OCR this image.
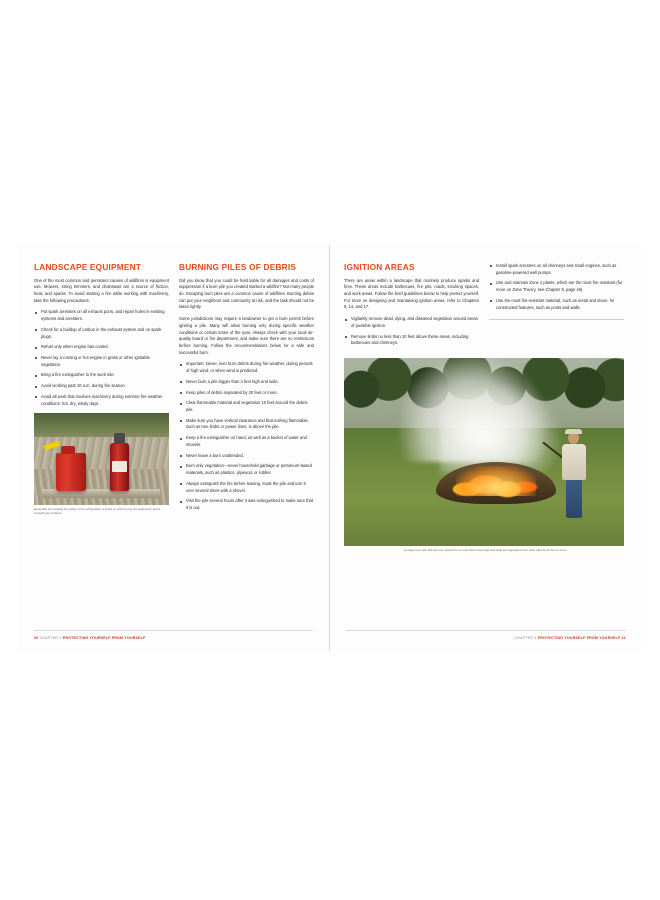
LANDSCAPE EQUIPMENT

One of the most common and persistent causes of wildfires is equipment use. Mowers, string trimmers, and chainsaws are a source of friction, heat, and sparks. To avoid starting a fire while working with machinery, take the following precautions:

Put spark arresters on all exhaust ports, and repair holes in existing systems and arresters.
Check for a buildup of carbon in the exhaust system and on spark plugs.
Refuel only when engine has cooled.
Never lay a running or hot engine in grass or other ignitable vegetation.
Bring a fire extinguisher to the work site.
Avoid working past 10 a.m. during fire season.
Avoid all work that involves machinery during extreme fire weather conditions: hot, dry, windy days.
Essentials for ensuring fire safety: a fire extinguisher, a board on which to lay hot equipment, and a nonspill gas container
BURNING PILES OF DEBRIS

Did you know that you could be held liable for all damages and costs of suppression if a burn pile you created started a wildfire? Not many people do. Escaping burn piles are a common cause of wildfires. Burning debris can put your neighbors and community at risk, and the task should not be taken lightly.

Some jurisdictions may require a landowner to get a burn permit before igniting a pile. Many will allow burning only during specific weather conditions or certain times of the year. Always check with your local air-quality board or fire department, and make sure there are no restrictions before burning. Follow the recommendations below for a safe and successful burn.

Important: Never, ever burn debris during fire weather, during periods of high wind, or when wind is predicted.
Never burn a pile bigger than 4 feet high and wide.
Keep piles of debris separated by 20 feet or more.
Clear flammable material and vegetation 10 feet around the debris pile.
Make sure you have vertical clearance and that nothing flammable, such as tree limbs or power lines, is above the pile.
Keep a fire extinguisher on hand, as well as a bucket of water and shovels.
Never leave a burn unattended.
Burn only vegetation—never household garbage or petroleum-based materials, such as plastics, plywood, or rubber.
Always extinguish the fire before leaving. Soak the pile and turn it over several times with a shovel.
Visit the pile several hours after it was extinguished to make sure that it is out.
20 CHAPTER 3 PROTECTING YOURSELF FROM YOURSELF
IGNITION AREAS

There are areas within a landscape that routinely produce sparks and fires. These areas include barbecues, fire pits, roads, smoking spaces, and work areas. Follow the brief guidelines below to help protect yourself. For more on designing and maintaining ignition areas, refer to Chapters 9, 14, and 17.

Vigilantly remove dead, dying, and diseased vegetation around areas of possible ignition.
Remove limbs no less than 10 feet above these areas, including barbecues and chimneys.
Install spark arresters on all chimneys and small engines, such as gasoline-powered well pumps.
Use and maintain Zone 1 plants, which are the most fire resistant (for more on Zone Theory, see Chapter 9, page 46).
Use the most fire-resistant material, such as metal and stone, for constructed features, such as posts and walls.
A proper burn pile, like this one, should be no more than 4 feet high and wide and separated from other piles by 20 feet or more
CHAPTER 3 PROTECTING YOURSELF FROM YOURSELF 21
